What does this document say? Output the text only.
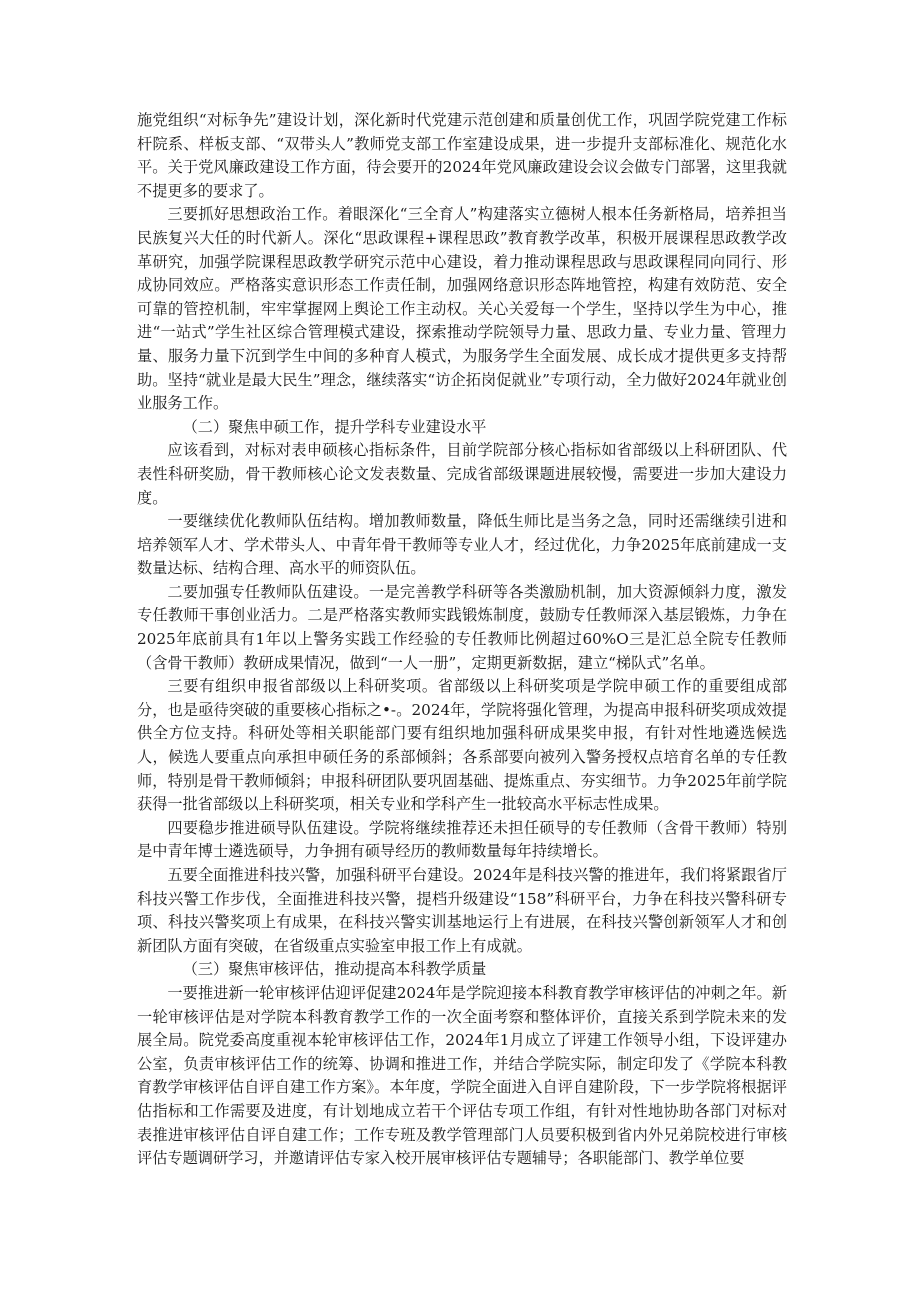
施党组织“对标争先”建设计划，深化新时代党建示范创建和质量创优工作，巩固学院党建工作标杆院系、样板支部、“双带头人”教师党支部工作室建设成果，进一步提升支部标准化、规范化水平。关于党风廉政建设工作方面，待会要开的2024年党风廉政建设会议会做专门部署，这里我就不提更多的要求了。

三要抓好思想政治工作。着眼深化“三全育人”构建落实立德树人根本任务新格局，培养担当民族复兴大任的时代新人。深化“思政课程+课程思政”教育教学改革，积极开展课程思政教学改革研究，加强学院课程思政教学研究示范中心建设，着力推动课程思政与思政课程同向同行、形成协同效应。严格落实意识形态工作责任制，加强网络意识形态阵地管控，构建有效防范、安全可靠的管控机制，牢牢掌握网上舆论工作主动权。关心关爱每一个学生，坚持以学生为中心，推进“一站式”学生社区综合管理模式建设，探索推动学院领导力量、思政力量、专业力量、管理力量、服务力量下沉到学生中间的多种育人模式，为服务学生全面发展、成长成才提供更多支持帮助。坚持“就业是最大民生”理念，继续落实“访企拓岗促就业”专项行动，全力做好2024年就业创业服务工作。

（二）聚焦申硕工作，提升学科专业建设水平

应该看到，对标对表申硕核心指标条件，目前学院部分核心指标如省部级以上科研团队、代表性科研奖励，骨干教师核心论文发表数量、完成省部级课题进展较慢，需要进一步加大建设力度。

一要继续优化教师队伍结构。增加教师数量，降低生师比是当务之急，同时还需继续引进和培养领军人才、学术带头人、中青年骨干教师等专业人才，经过优化，力争2025年底前建成一支数量达标、结构合理、高水平的师资队伍。

二要加强专任教师队伍建设。一是完善教学科研等各类激励机制，加大资源倾斜力度，激发专任教师干事创业活力。二是严格落实教师实践锻炼制度，鼓励专任教师深入基层锻炼，力争在2025年底前具有1年以上警务实践工作经验的专任教师比例超过60%O三是汇总全院专任教师（含骨干教师）教研成果情况，做到“一人一册”，定期更新数据，建立“梯队式”名单。

三要有组织申报省部级以上科研奖项。省部级以上科研奖项是学院申硕工作的重要组成部分，也是亟待突破的重要核心指标之•-。2024年，学院将强化管理，为提高申报科研奖项成效提供全方位支持。科研处等相关职能部门要有组织地加强科研成果奖申报，有针对性地遴选候选人，候选人要重点向承担申硕任务的系部倾斜；各系部要向被列入警务授权点培育名单的专任教师，特别是骨干教师倾斜；申报科研团队要巩固基础、提炼重点、夯实细节。力争2025年前学院获得一批省部级以上科研奖项，相关专业和学科产生一批较高水平标志性成果。

四要稳步推进硕导队伍建设。学院将继续推荐还未担任硕导的专任教师（含骨干教师）特别是中青年博士遴选硕导，力争拥有硕导经历的教师数量每年持续增长。

五要全面推进科技兴警，加强科研平台建设。2024年是科技兴警的推进年，我们将紧跟省厅科技兴警工作步伐，全面推进科技兴警，提档升级建设“158”科研平台，力争在科技兴警科研专项、科技兴警奖项上有成果，在科技兴警实训基地运行上有进展，在科技兴警创新领军人才和创新团队方面有突破，在省级重点实验室申报工作上有成就。

（三）聚焦审核评估，推动提高本科教学质量

一要推进新一轮审核评估迎评促建2024年是学院迎接本科教育教学审核评估的冲刺之年。新一轮审核评估是对学院本科教育教学工作的一次全面考察和整体评价，直接关系到学院未来的发展全局。院党委高度重视本轮审核评估工作，2024年1月成立了评建工作领导小组，下设评建办公室，负责审核评估工作的统筹、协调和推进工作，并结合学院实际，制定印发了《学院本科教育教学审核评估自评自建工作方案》。本年度，学院全面进入自评自建阶段，下一步学院将根据评估指标和工作需要及进度，有计划地成立若干个评估专项工作组，有针对性地协助各部门对标对表推进审核评估自评自建工作；工作专班及教学管理部门人员要积极到省内外兄弟院校进行审核评估专题调研学习，并邀请评估专家入校开展审核评估专题辅导；各职能部门、教学单位要
